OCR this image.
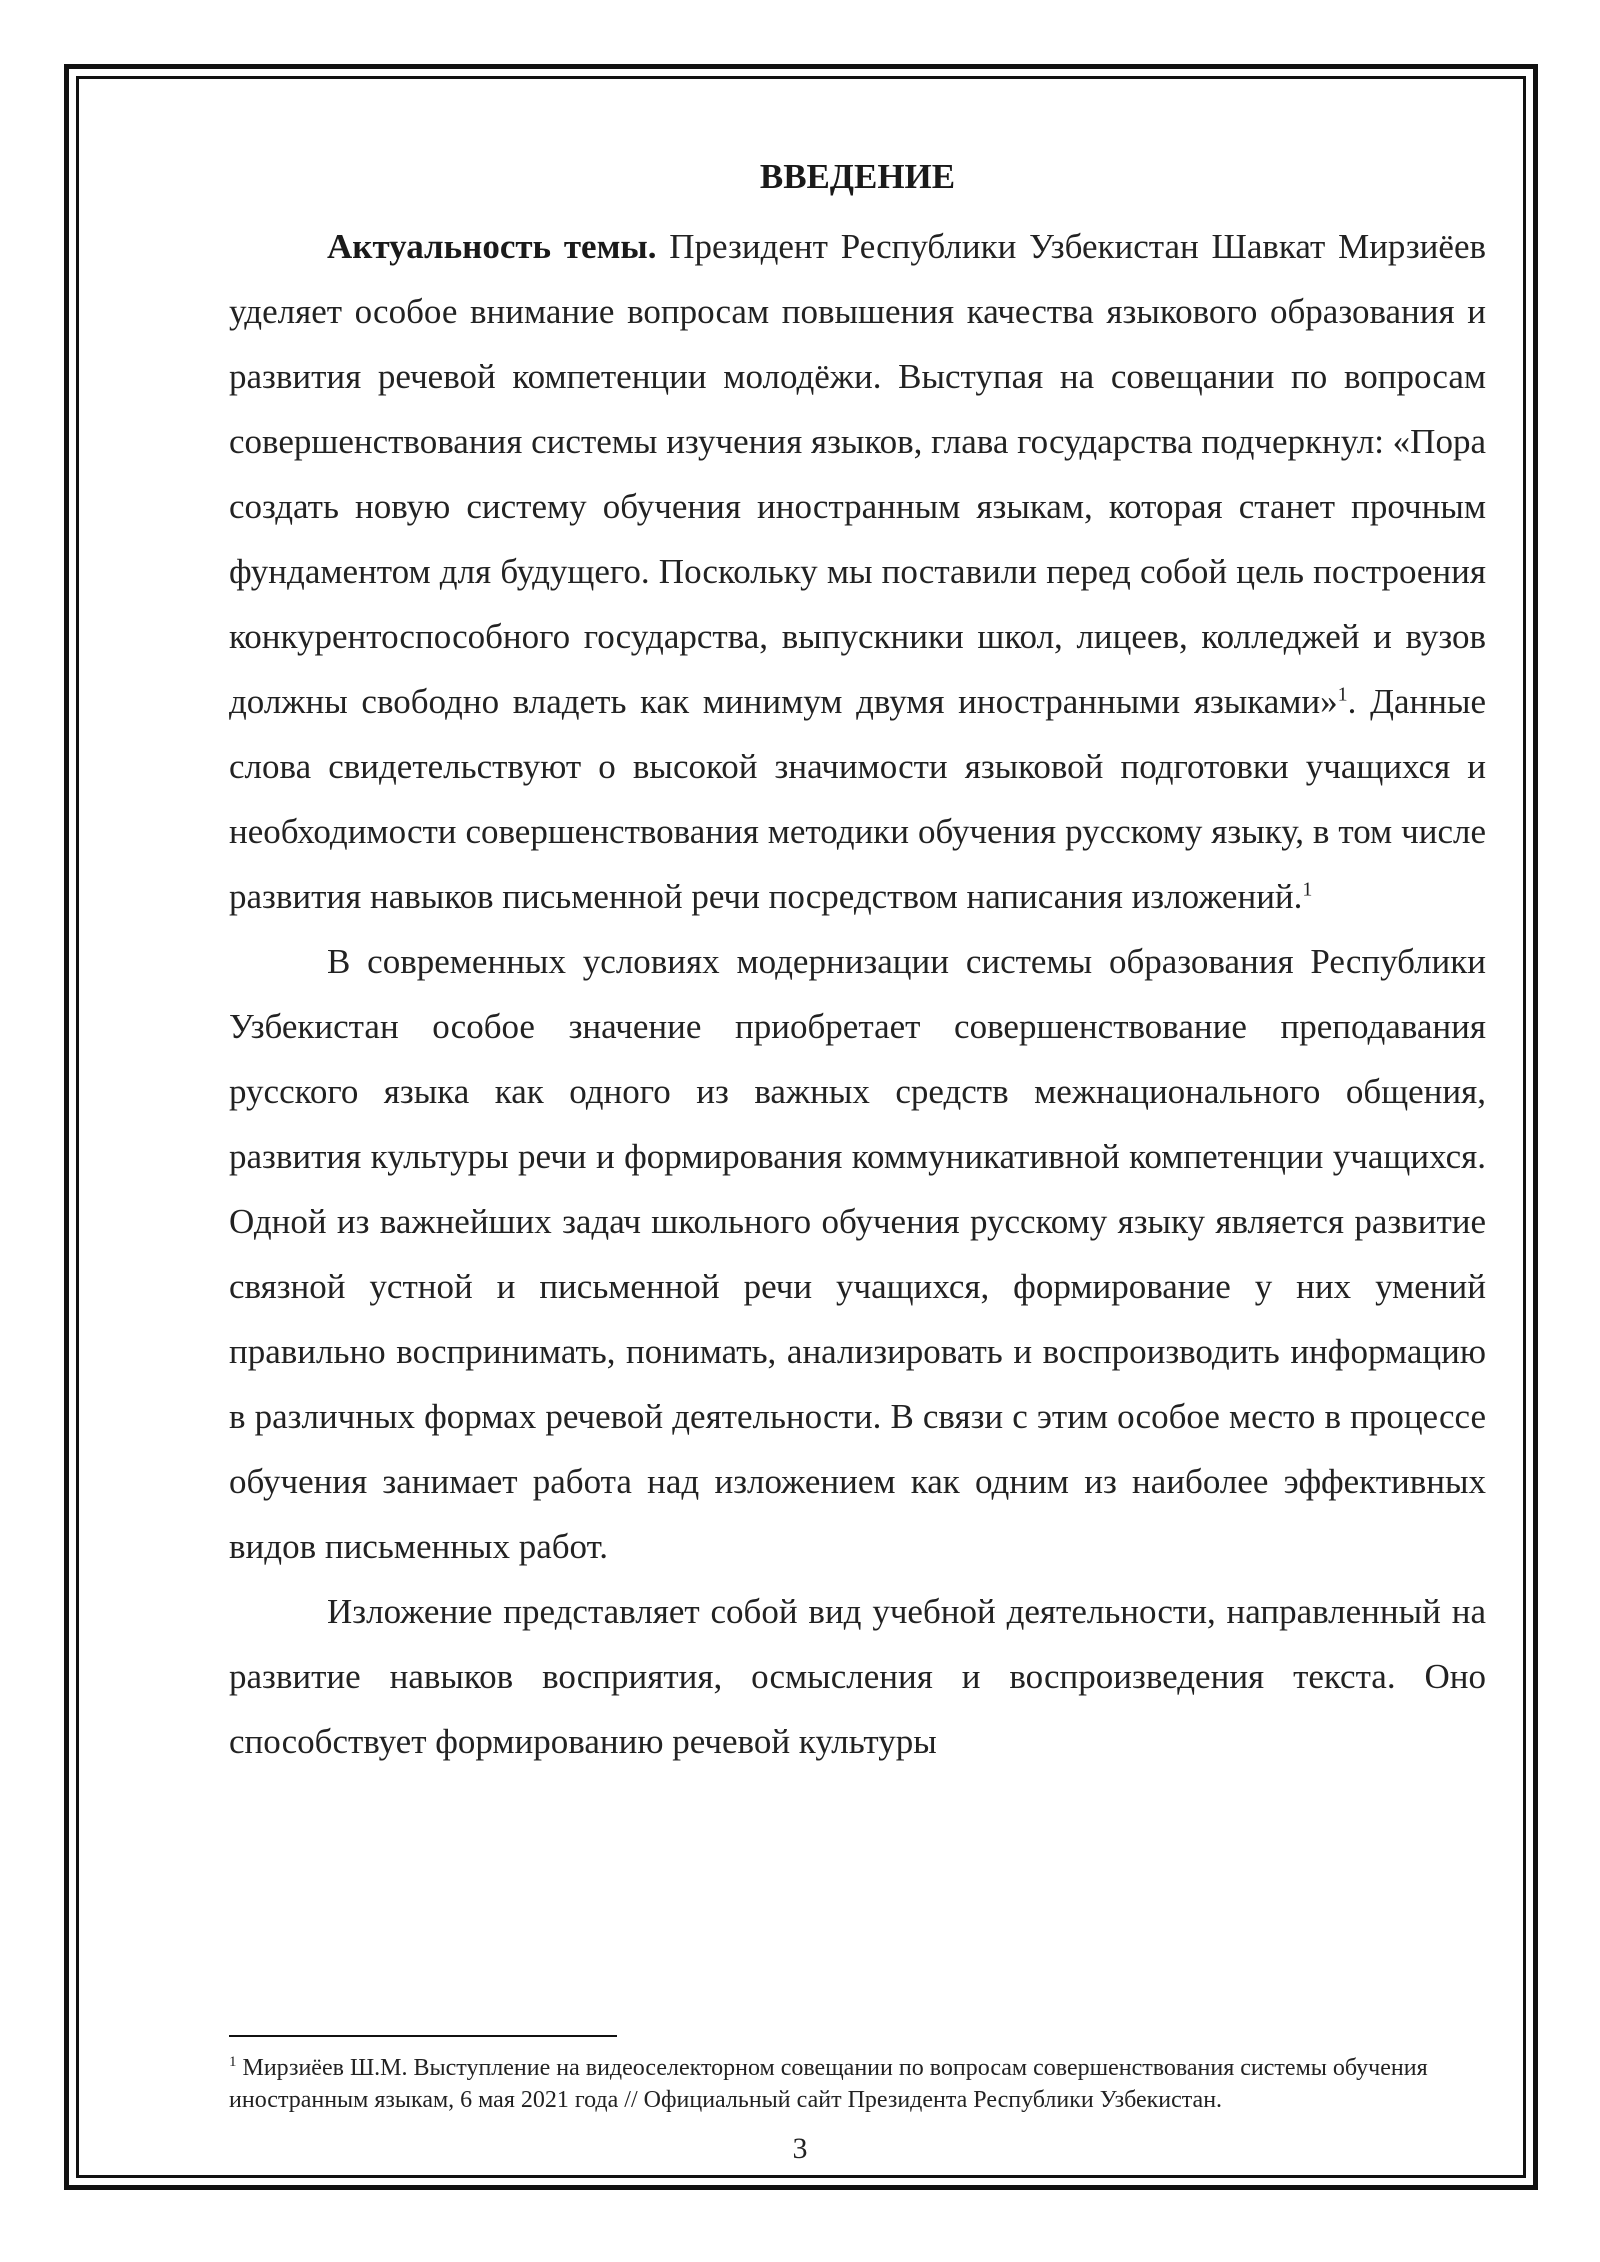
ВВЕДЕНИЕ

Актуальность темы. Президент Республики Узбекистан Шавкат Мирзиёев уделяет особое внимание вопросам повышения качества языкового образования и развития речевой компетенции молодёжи. Выступая на совещании по вопросам совершенствования системы изучения языков, глава государства подчеркнул: «Пора создать новую систему обучения иностранным языкам, которая станет прочным фундаментом для будущего. Поскольку мы поставили перед собой цель построения конкурентоспособного государства, выпускники школ, лицеев, колледжей и вузов должны свободно владеть как минимум двумя иностранными языками»$^1$. Данные слова свидетельствуют о высокой значимости языковой подготовки учащихся и необходимости совершенствования методики обучения русскому языку, в том числе развития навыков письменной речи посредством написания изложений.$^1$

В современных условиях модернизации системы образования Республики Узбекистан особое значение приобретает совершенствование преподавания русского языка как одного из важных средств межнационального общения, развития культуры речи и формирования коммуникативной компетенции учащихся. Одной из важнейших задач школьного обучения русскому языку является развитие связной устной и письменной речи учащихся, формирование у них умений правильно воспринимать, понимать, анализировать и воспроизводить информацию в различных формах речевой деятельности. В связи с этим особое место в процессе обучения занимает работа над изложением как одним из наиболее эффективных видов письменных работ.

Изложение представляет собой вид учебной деятельности, направленный на развитие навыков восприятия, осмысления и воспроизведения текста. Оно способствует формированию речевой культуры

$^1$ Мирзиёев Ш.М. Выступление на видеоселекторном совещании по вопросам совершенствования системы обучения иностранным языкам, 6 мая 2021 года // Официальный сайт Президента Республики Узбекистан.
3
